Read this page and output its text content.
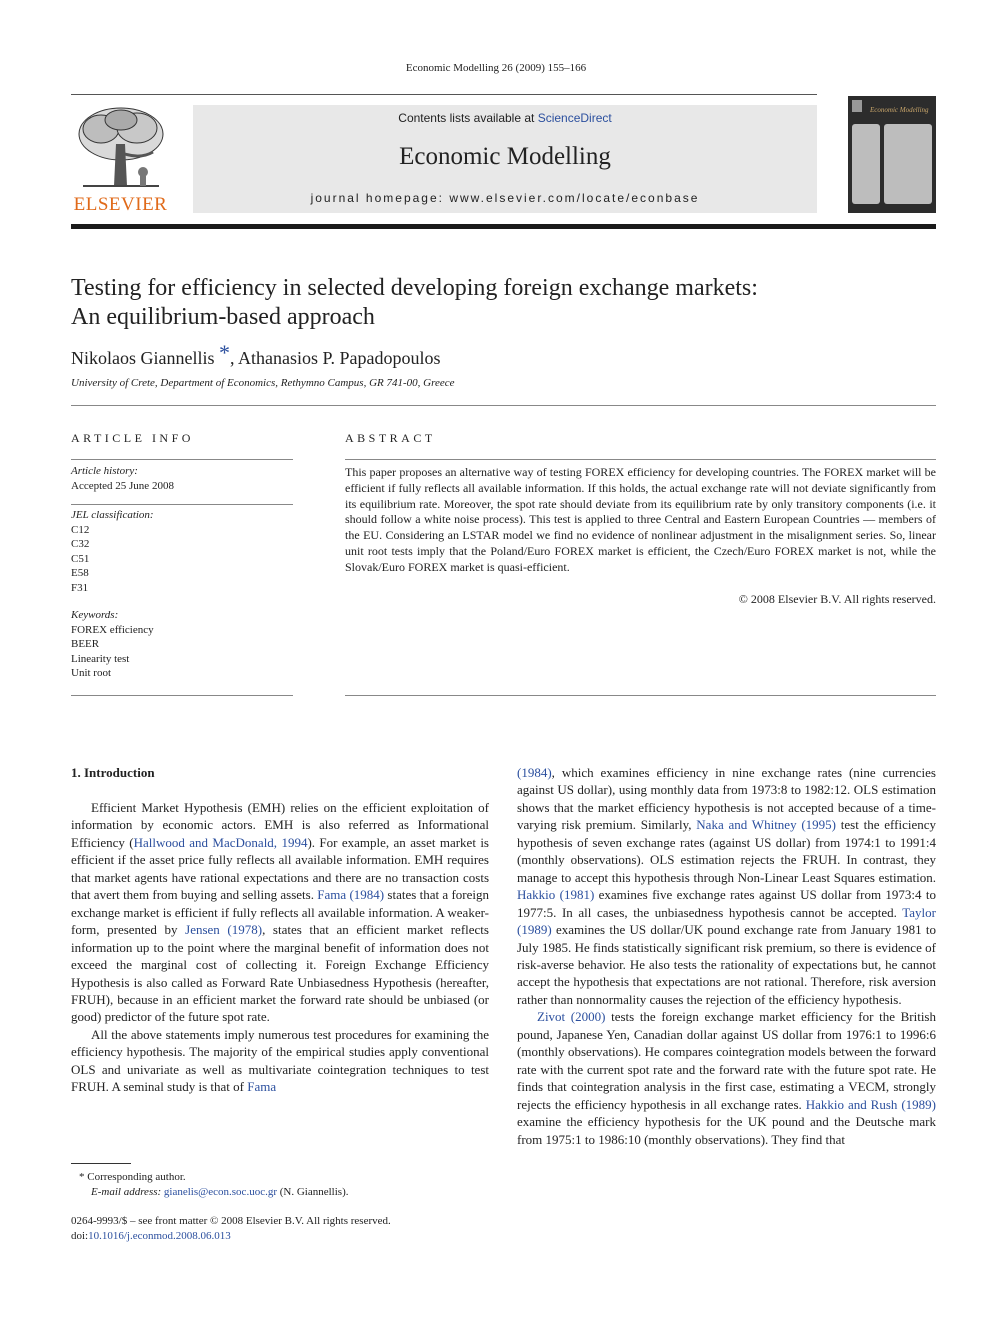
Economic Modelling 26 (2009) 155–166
ELSEVIER
Contents lists available at ScienceDirect
Economic Modelling
journal homepage: www.elsevier.com/locate/econbase
Economic Modelling
Testing for efficiency in selected developing foreign exchange markets:
An equilibrium-based approach
Nikolaos Giannellis *, Athanasios P. Papadopoulos
University of Crete, Department of Economics, Rethymno Campus, GR 741-00, Greece
ARTICLE INFO
Article history:
Accepted 25 June 2008
JEL classification:
C12
C32
C51
E58
F31
Keywords:
FOREX efficiency
BEER
Linearity test
Unit root
ABSTRACT
This paper proposes an alternative way of testing FOREX efficiency for developing countries. The FOREX market will be efficient if fully reflects all available information. If this holds, the actual exchange rate will not deviate significantly from its equilibrium rate. Moreover, the spot rate should deviate from its equilibrium rate by only transitory components (i.e. it should follow a white noise process). This test is applied to three Central and Eastern European Countries — members of the EU. Considering an LSTAR model we find no evidence of nonlinear adjustment in the misalignment series. So, linear unit root tests imply that the Poland/Euro FOREX market is efficient, the Czech/Euro FOREX market is not, while the Slovak/Euro FOREX market is quasi-efficient.
© 2008 Elsevier B.V. All rights reserved.
1. Introduction

Efficient Market Hypothesis (EMH) relies on the efficient exploitation of information by economic actors. EMH is also referred as Informational Efficiency (Hallwood and MacDonald, 1994). For example, an asset market is efficient if the asset price fully reflects all available information. EMH requires that market agents have rational expectations and there are no transaction costs that avert them from buying and selling assets. Fama (1984) states that a foreign exchange market is efficient if fully reflects all available information. A weaker-form, presented by Jensen (1978), states that an efficient market reflects information up to the point where the marginal benefit of information does not exceed the marginal cost of collecting it. Foreign Exchange Efficiency Hypothesis is also called as Forward Rate Unbiasedness Hypothesis (hereafter, FRUH), because in an efficient market the forward rate should be unbiased (or good) predictor of the future spot rate.

All the above statements imply numerous test procedures for examining the efficiency hypothesis. The majority of the empirical studies apply conventional OLS and univariate as well as multivariate cointegration techniques to test FRUH. A seminal study is that of Fama

(1984), which examines efficiency in nine exchange rates (nine currencies against US dollar), using monthly data from 1973:8 to 1982:12. OLS estimation shows that the market efficiency hypothesis is not accepted because of a time-varying risk premium. Similarly, Naka and Whitney (1995) test the efficiency hypothesis of seven exchange rates (against US dollar) from 1974:1 to 1991:4 (monthly observations). OLS estimation rejects the FRUH. In contrast, they manage to accept this hypothesis through Non-Linear Least Squares estimation. Hakkio (1981) examines five exchange rates against US dollar from 1973:4 to 1977:5. In all cases, the unbiasedness hypothesis cannot be accepted. Taylor (1989) examines the US dollar/UK pound exchange rate from January 1981 to July 1985. He finds statistically significant risk premium, so there is evidence of risk-averse behavior. He also tests the rationality of expectations but, he cannot accept the hypothesis that expectations are not rational. Therefore, risk aversion rather than nonnormality causes the rejection of the efficiency hypothesis.

Zivot (2000) tests the foreign exchange market efficiency for the British pound, Japanese Yen, Canadian dollar against US dollar from 1976:1 to 1996:6 (monthly observations). He compares cointegration models between the forward rate with the current spot rate and the forward rate with the future spot rate. He finds that cointegration analysis in the first case, estimating a VECM, strongly rejects the efficiency hypothesis in all exchange rates. Hakkio and Rush (1989) examine the efficiency hypothesis for the UK pound and the Deutsche mark from 1975:1 to 1986:10 (monthly observations). They find that

* Corresponding author.
E-mail address: gianelis@econ.soc.uoc.gr (N. Giannellis).
0264-9993/$ – see front matter © 2008 Elsevier B.V. All rights reserved.
doi:10.1016/j.econmod.2008.06.013
